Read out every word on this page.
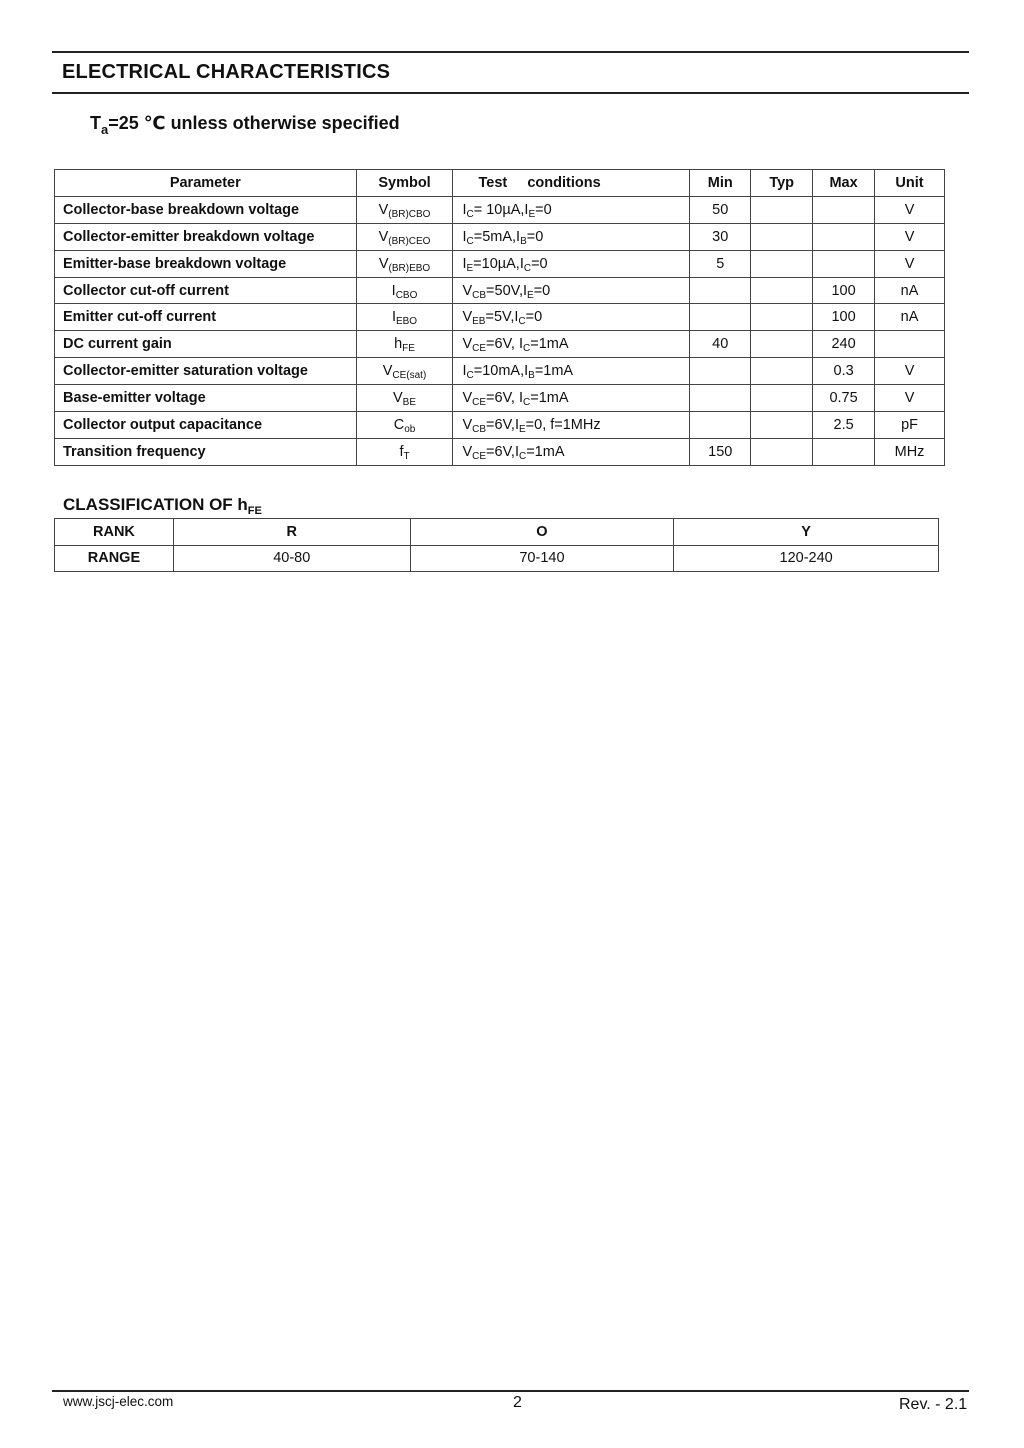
ELECTRICAL CHARACTERISTICS
$T_a=25$ ℃ unless otherwise specified
Parameter	Symbol	Test     conditions	Min	Typ	Max	Unit
Collector-base breakdown voltage	$V_{(BR)CBO}$	$I_C= 10\mu A,I_E=0$	50			V
Collector-emitter breakdown voltage	$V_{(BR)CEO}$	$I_C=5mA,I_B=0$	30			V
Emitter-base breakdown voltage	$V_{(BR)EBO}$	$I_E=10\mu A,I_C=0$	5			V
Collector cut-off current	$I_{CBO}$	$V_{CB}=50V,I_E=0$			100	nA
Emitter cut-off current	$I_{EBO}$	$V_{EB}=5V,I_C=0$			100	nA
DC current gain	$h_{FE}$	$V_{CE}=6V$, $I_C=1mA$	40		240	
Collector-emitter saturation voltage	$V_{CE(sat)}$	$I_C=10mA,I_B=1mA$			0.3	V
Base-emitter voltage	$V_{BE}$	$V_{CE}=6V$, $I_C=1mA$			0.75	V
Collector output capacitance	$C_{ob}$	$V_{CB}=6V,I_E=0$, f=1MHz			2.5	pF
Transition frequency	$f_T$	$V_{CE}=6V,I_C=1mA$	150			MHz
CLASSIFICATION OF $h_{FE}$
RANK	R	O	Y
RANGE	40-80	70-140	120-240
www.jscj-elec.com	2	Rev. - 2.1
